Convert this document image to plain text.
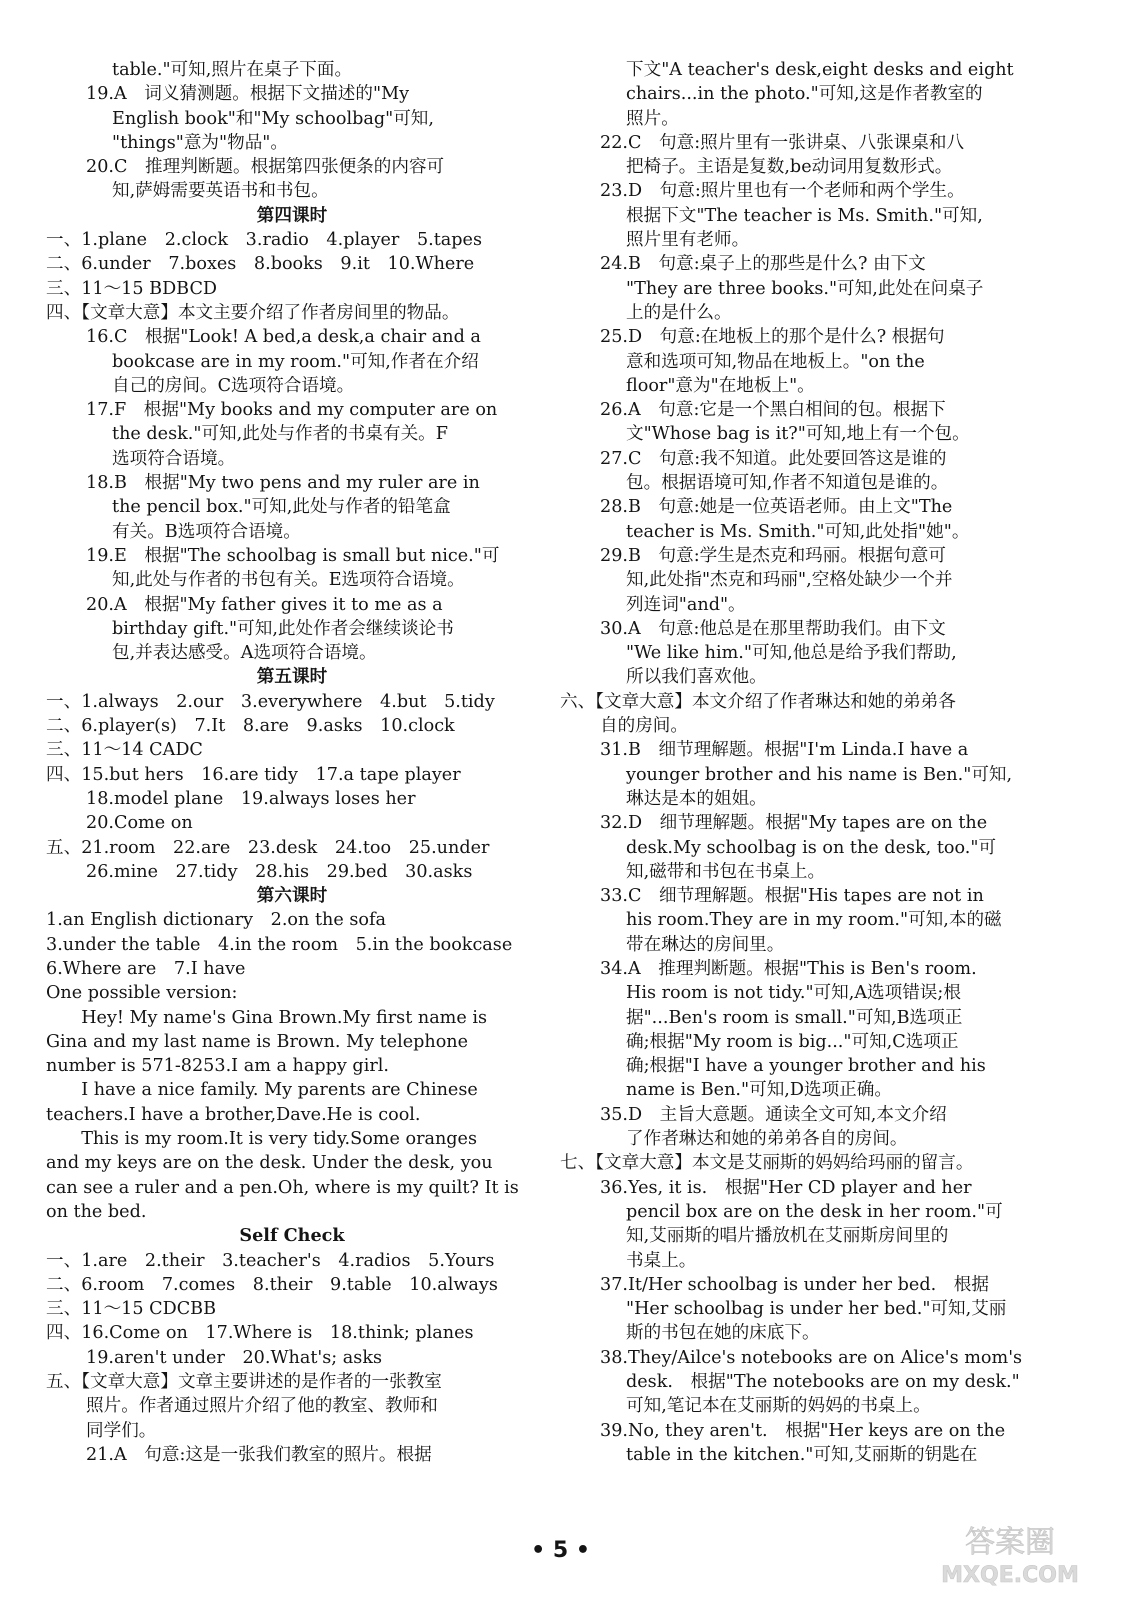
table."可知,照片在桌子下面。
19.A　词义猜测题。根据下文描述的"My
English book"和"My schoolbag"可知,
"things"意为"物品"。
20.C　推理判断题。根据第四张便条的内容可
知,萨姆需要英语书和书包。
第四课时
一、1.plane　2.clock　3.radio　4.player　5.tapes
二、6.under　7.boxes　8.books　9.it　10.Where
三、11～15 BDBCD
四、【文章大意】本文主要介绍了作者房间里的物品。
16.C　根据"Look! A bed,a desk,a chair and a
bookcase are in my room."可知,作者在介绍
自己的房间。C选项符合语境。
17.F　根据"My books and my computer are on
the desk."可知,此处与作者的书桌有关。F
选项符合语境。
18.B　根据"My two pens and my ruler are in
the pencil box."可知,此处与作者的铅笔盒
有关。B选项符合语境。
19.E　根据"The schoolbag is small but nice."可
知,此处与作者的书包有关。E选项符合语境。
20.A　根据"My father gives it to me as a
birthday gift."可知,此处作者会继续谈论书
包,并表达感受。A选项符合语境。
第五课时
一、1.always　2.our　3.everywhere　4.but　5.tidy
二、6.player(s)　7.It　8.are　9.asks　10.clock
三、11～14 CADC
四、15.but hers　16.are tidy　17.a tape player
18.model plane　19.always loses her
20.Come on
五、21.room　22.are　23.desk　24.too　25.under
26.mine　27.tidy　28.his　29.bed　30.asks
第六课时
1.an English dictionary　2.on the sofa
3.under the table　4.in the room　5.in the bookcase
6.Where are　7.I have
One possible version:
Hey! My name's Gina Brown.My first name is
Gina and my last name is Brown. My telephone
number is 571-8253.I am a happy girl.
I have a nice family. My parents are Chinese
teachers.I have a brother,Dave.He is cool.
This is my room.It is very tidy.Some oranges
and my keys are on the desk. Under the desk, you
can see a ruler and a pen.Oh, where is my quilt? It is
on the bed.
Self Check
一、1.are　2.their　3.teacher's　4.radios　5.Yours
二、6.room　7.comes　8.their　9.table　10.always
三、11～15 CDCBB
四、16.Come on　17.Where is　18.think; planes
19.aren't under　20.What's; asks
五、【文章大意】文章主要讲述的是作者的一张教室
照片。作者通过照片介绍了他的教室、教师和
同学们。
21.A　句意:这是一张我们教室的照片。根据
下文"A teacher's desk,eight desks and eight
chairs...in the photo."可知,这是作者教室的
照片。
22.C　句意:照片里有一张讲桌、八张课桌和八
把椅子。主语是复数,be动词用复数形式。
23.D　句意:照片里也有一个老师和两个学生。
根据下文"The teacher is Ms. Smith."可知,
照片里有老师。
24.B　句意:桌子上的那些是什么? 由下文
"They are three books."可知,此处在问桌子
上的是什么。
25.D　句意:在地板上的那个是什么? 根据句
意和选项可知,物品在地板上。"on the
floor"意为"在地板上"。
26.A　句意:它是一个黑白相间的包。根据下
文"Whose bag is it?"可知,地上有一个包。
27.C　句意:我不知道。此处要回答这是谁的
包。根据语境可知,作者不知道包是谁的。
28.B　句意:她是一位英语老师。由上文"The
teacher is Ms. Smith."可知,此处指"她"。
29.B　句意:学生是杰克和玛丽。根据句意可
知,此处指"杰克和玛丽",空格处缺少一个并
列连词"and"。
30.A　句意:他总是在那里帮助我们。由下文
"We like him."可知,他总是给予我们帮助,
所以我们喜欢他。
六、【文章大意】本文介绍了作者琳达和她的弟弟各
自的房间。
31.B　细节理解题。根据"I'm Linda.I have a
younger brother and his name is Ben."可知,
琳达是本的姐姐。
32.D　细节理解题。根据"My tapes are on the
desk.My schoolbag is on the desk, too."可
知,磁带和书包在书桌上。
33.C　细节理解题。根据"His tapes are not in
his room.They are in my room."可知,本的磁
带在琳达的房间里。
34.A　推理判断题。根据"This is Ben's room.
His room is not tidy."可知,A选项错误;根
据"...Ben's room is small."可知,B选项正
确;根据"My room is big..."可知,C选项正
确;根据"I have a younger brother and his
name is Ben."可知,D选项正确。
35.D　主旨大意题。通读全文可知,本文介绍
了作者琳达和她的弟弟各自的房间。
七、【文章大意】本文是艾丽斯的妈妈给玛丽的留言。
36.Yes, it is.　根据"Her CD player and her
pencil box are on the desk in her room."可
知,艾丽斯的唱片播放机在艾丽斯房间里的
书桌上。
37.It/Her schoolbag is under her bed.　根据
"Her schoolbag is under her bed."可知,艾丽
斯的书包在她的床底下。
38.They/Ailce's notebooks are on Alice's mom's
desk.　根据"The notebooks are on my desk."
可知,笔记本在艾丽斯的妈妈的书桌上。
39.No, they aren't.　根据"Her keys are on the
table in the kitchen."可知,艾丽斯的钥匙在
• 5 •	答案圈
MXQE.COM
